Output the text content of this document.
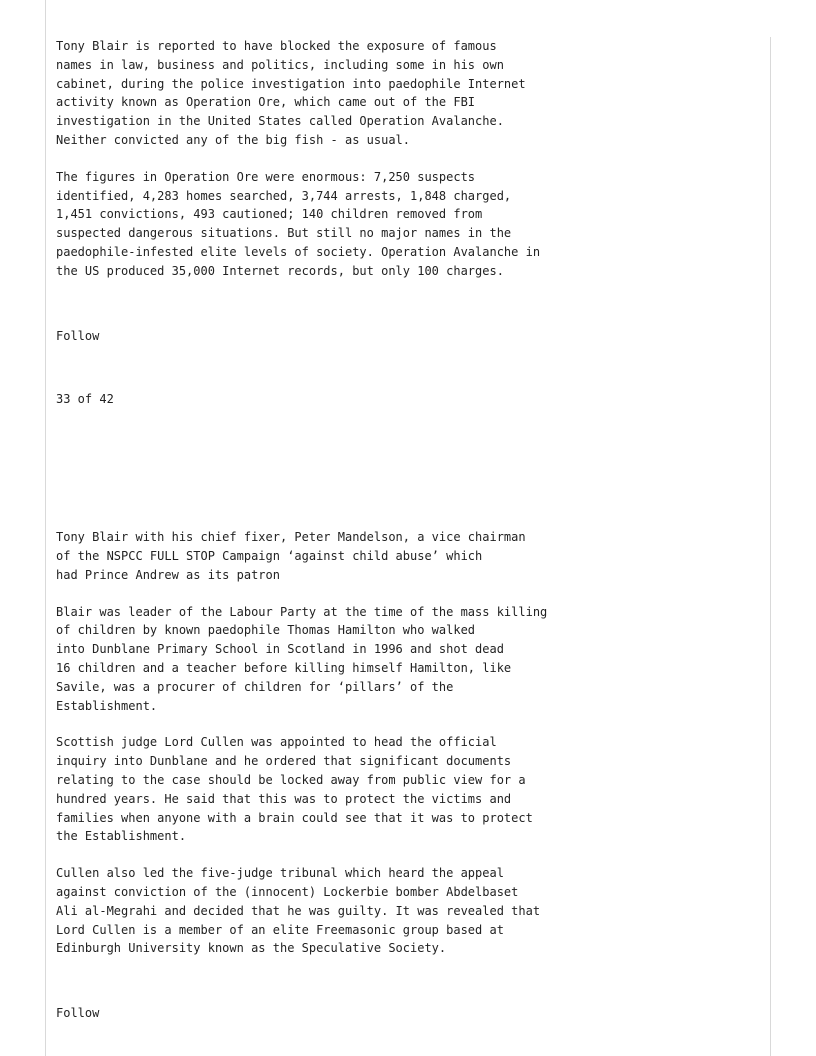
Tony Blair is reported to have blocked the exposure of famous
names in law, business and politics, including some in his own
cabinet, during the police investigation into paedophile Internet
activity known as Operation Ore, which came out of the FBI
investigation in the United States called Operation Avalanche.
Neither convicted any of the big fish - as usual.

The figures in Operation Ore were enormous: 7,250 suspects
identified, 4,283 homes searched, 3,744 arrests, 1,848 charged,
1,451 convictions, 493 cautioned; 140 children removed from
suspected dangerous situations. But still no major names in the
paedophile-infested elite levels of society. Operation Avalanche in
the US produced 35,000 Internet records, but only 100 charges.

Follow

33 of 42

Tony Blair with his chief fixer, Peter Mandelson, a vice chairman
of the NSPCC FULL STOP Campaign ‘against child abuse’ which
had Prince Andrew as its patron

Blair was leader of the Labour Party at the time of the mass killing
of children by known paedophile Thomas Hamilton who walked
into Dunblane Primary School in Scotland in 1996 and shot dead
16 children and a teacher before killing himself Hamilton, like
Savile, was a procurer of children for ‘pillars’ of the
Establishment.

Scottish judge Lord Cullen was appointed to head the official
inquiry into Dunblane and he ordered that significant documents
relating to the case should be locked away from public view for a
hundred years. He said that this was to protect the victims and
families when anyone with a brain could see that it was to protect
the Establishment.

Cullen also led the five-judge tribunal which heard the appeal
against conviction of the (innocent) Lockerbie bomber Abdelbaset
Ali al-Megrahi and decided that he was guilty. It was revealed that
Lord Cullen is a member of an elite Freemasonic group based at
Edinburgh University known as the Speculative Society.

Follow
